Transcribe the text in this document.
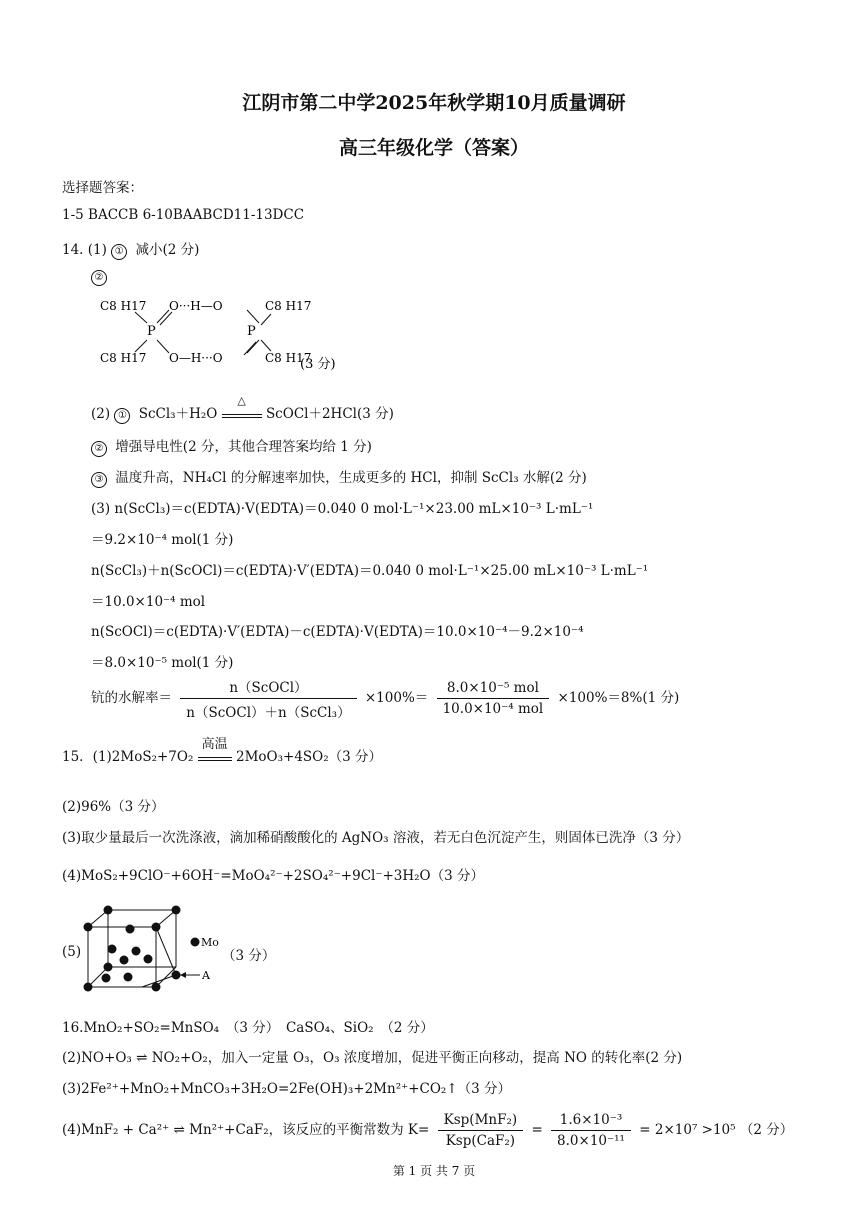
江阴市第二中学2025年秋学期10月质量调研
高三年级化学（答案）
选择题答案：
1-5 BACCB 6-10BAABCD11-13DCC
14. (1) ① 减小(2 分)
②
C8 H17
C8 H17
C8 H17
C8 H17
P	P
O···H—O
O—H···O	(3 分)
(2) ① ScCl₃＋H₂O
△
ScOCl＋2HCl(3 分)
② 增强导电性(2 分，其他合理答案均给 1 分)
③ 温度升高，NH₄Cl 的分解速率加快，生成更多的 HCl，抑制 ScCl₃ 水解(2 分)
(3) n(ScCl₃)＝c(EDTA)·V(EDTA)＝0.040 0 mol·L⁻¹×23.00 mL×10⁻³ L·mL⁻¹
＝9.2×10⁻⁴ mol(1 分)
n(ScCl₃)＋n(ScOCl)＝c(EDTA)·V′(EDTA)＝0.040 0 mol·L⁻¹×25.00 mL×10⁻³ L·mL⁻¹
＝10.0×10⁻⁴ mol
n(ScOCl)＝c(EDTA)·V′(EDTA)－c(EDTA)·V(EDTA)＝10.0×10⁻⁴－9.2×10⁻⁴
＝8.0×10⁻⁵ mol(1 分)
钪的水解率＝ $\frac{\text{n（ScOCl）}}{\text{n（ScOCl）＋n（ScCl₃）}} \times 100\%= \frac{\text{8.0×10⁻⁵ mol}}{\text{10.0×10⁻⁴ mol}} \times 100\%=8\%(1$ 分)
15．(1)2MoS₂+7O₂
高温
2MoO₃+4SO₂（3 分）
(2)96%（3 分）
(3)取少量最后一次洗涤液，滴加稀硝酸酸化的 AgNO₃ 溶液，若无白色沉淀产生，则固体已洗净（3 分）
(4)MoS₂+9ClO⁻+6OH⁻=MoO₄²⁻+2SO₄²⁻+9Cl⁻+3H₂O（3 分）
(5)
Mo
A
（3 分）
16.MnO₂+SO₂=MnSO₄　（3 分）　CaSO₄、SiO₂　（2 分）
(2)NO+O₃ ⇌ NO₂+O₂，加入一定量 O₃，O₃ 浓度增加，促进平衡正向移动，提高 NO 的转化率(2 分)
(3)2Fe²⁺+MnO₂+MnCO₃+3H₂O=2Fe(OH)₃+2Mn²⁺+CO₂↑（3 分）
(4)MnF₂ + Ca²⁺ ⇌ Mn²⁺+CaF₂，该反应的平衡常数为 $K= \frac{\text{Ksp(MnF₂)}}{\text{Ksp(CaF₂)}} = \frac{\text{1.6×10⁻³}}{\text{8.0×10⁻¹¹}} = 2\times 10^7 >10^5$ （2 分）
第 1 页 共 7 页
